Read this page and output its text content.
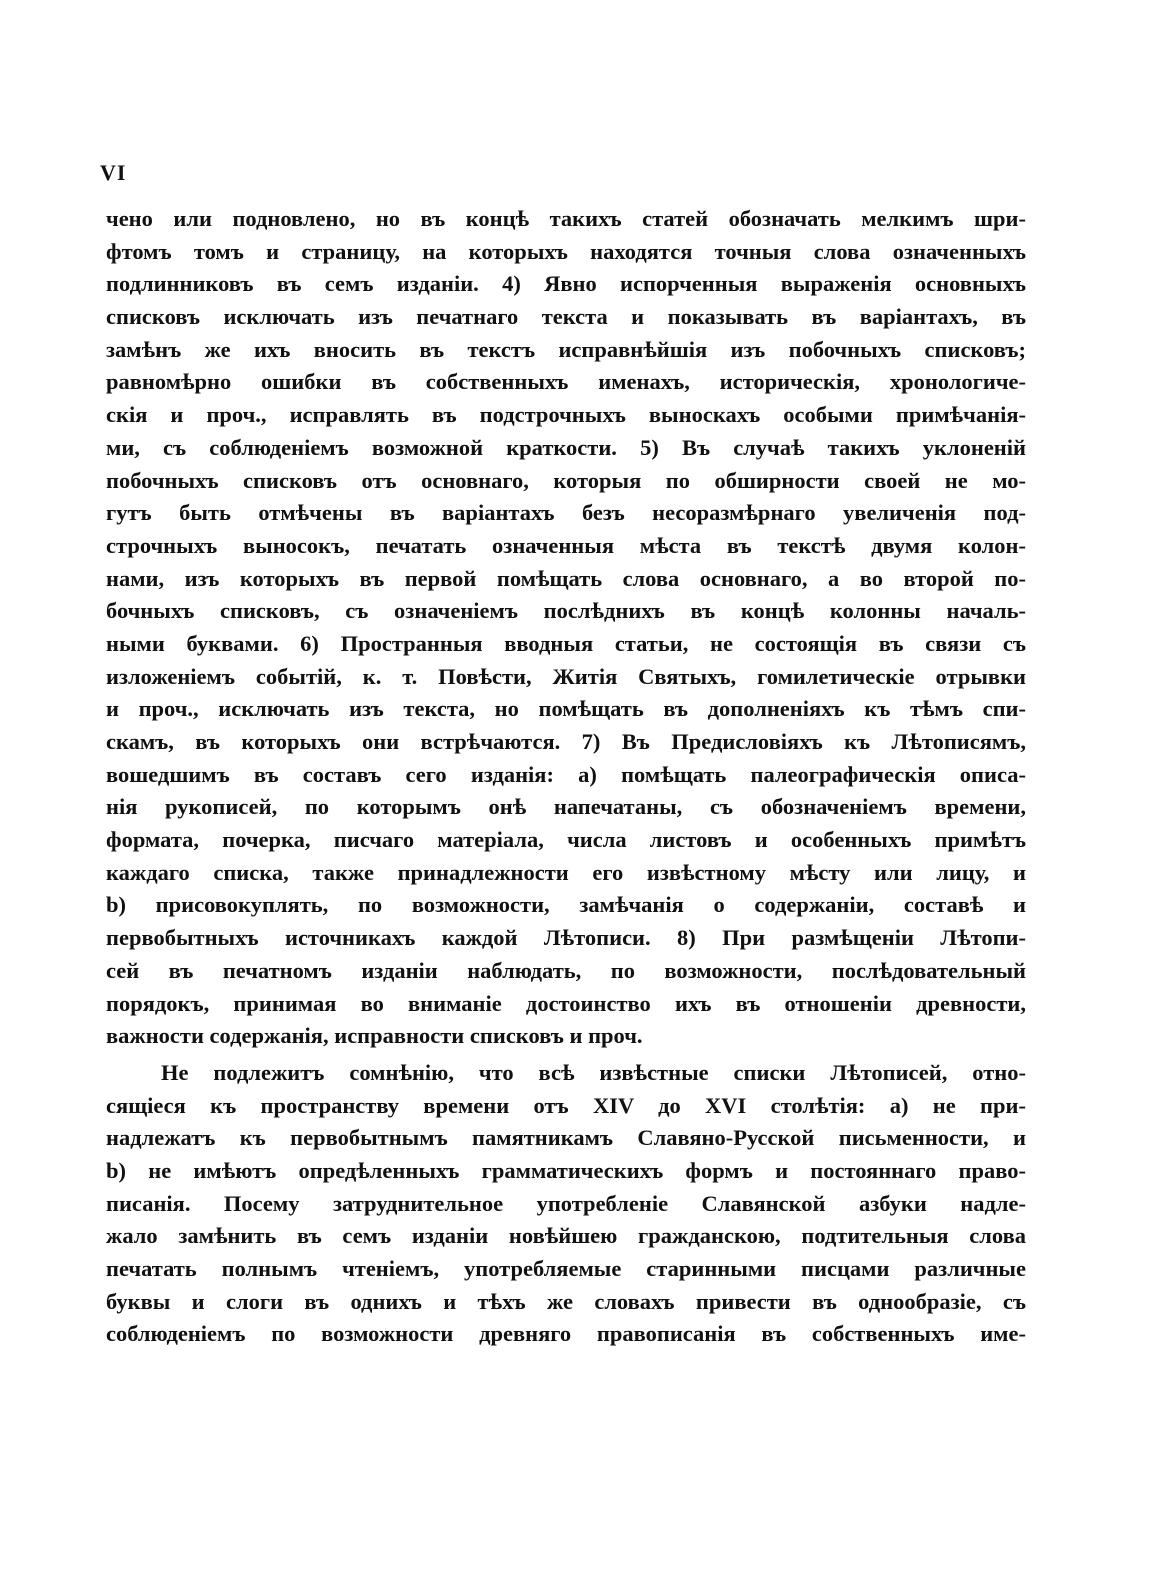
VI
чено или подновлено, но въ концѣ такихъ статей обозначать мелкимъ шри-
фтомъ томъ и страницу, на которыхъ находятся точныя слова означенныхъ
подлинниковъ въ семъ изданіи. 4) Явно испорченныя выраженія основныхъ
списковъ исключать изъ печатнаго текста и показывать въ варіантахъ, въ
замѣнъ же ихъ вносить въ текстъ исправнѣйшія изъ побочныхъ списковъ;
равномѣрно ошибки въ собственныхъ именахъ, историческія, хронологиче-
скія и проч., исправлять въ подстрочныхъ выноскахъ особыми примѣчанія-
ми, съ соблюденіемъ возможной краткости. 5) Въ случаѣ такихъ уклоненій
побочныхъ списковъ отъ основнаго, которыя по обширности своей не мо-
гутъ быть отмѣчены въ варіантахъ безъ несоразмѣрнаго увеличенія под-
строчныхъ выносокъ, печатать означенныя мѣста въ текстѣ двумя колон-
нами, изъ которыхъ въ первой помѣщать слова основнаго, а во второй по-
бочныхъ списковъ, съ означеніемъ послѣднихъ въ концѣ колонны началь-
ными буквами. 6) Пространныя вводныя статьи, не состоящія въ связи съ
изложеніемъ событій, к. т. Повѣсти, Житія Святыхъ, гомилетическіе отрывки
и проч., исключать изъ текста, но помѣщать въ дополненіяхъ къ тѣмъ спи-
скамъ, въ которыхъ они встрѣчаются. 7) Въ Предисловіяхъ къ Лѣтописямъ,
вошедшимъ въ составъ сего изданія: а) помѣщать палеографическія описа-
нія рукописей, по которымъ онѣ напечатаны, съ обозначеніемъ времени,
формата, почерка, писчаго матеріала, числа листовъ и особенныхъ примѣтъ
каждаго списка, также принадлежности его извѣстному мѣсту или лицу, и
b) присовокуплять, по возможности, замѣчанія о содержаніи, составѣ и
первобытныхъ источникахъ каждой Лѣтописи. 8) При размѣщеніи Лѣтопи-
сей въ печатномъ изданіи наблюдать, по возможности, послѣдовательный
порядокъ, принимая во вниманіе достоинство ихъ въ отношеніи древности,
важности содержанія, исправности списковъ и проч.
Не подлежитъ сомнѣнію, что всѣ извѣстные списки Лѣтописей, отно-
сящіеся къ пространству времени отъ XIV до XVI столѣтія: а) не при-
надлежатъ къ первобытнымъ памятникамъ Славяно-Русской письменности, и
b) не имѣютъ опредѣленныхъ грамматическихъ формъ и постояннаго право-
писанія. Посему затруднительное употребленіе Славянской азбуки надле-
жало замѣнить въ семъ изданіи новѣйшею гражданскою, подтительныя слова
печатать полнымъ чтеніемъ, употребляемые старинными писцами различные
буквы и слоги въ однихъ и тѣхъ же словахъ привести въ однообразіе, съ
соблюденіемъ по возможности древняго правописанія въ собственныхъ име-
